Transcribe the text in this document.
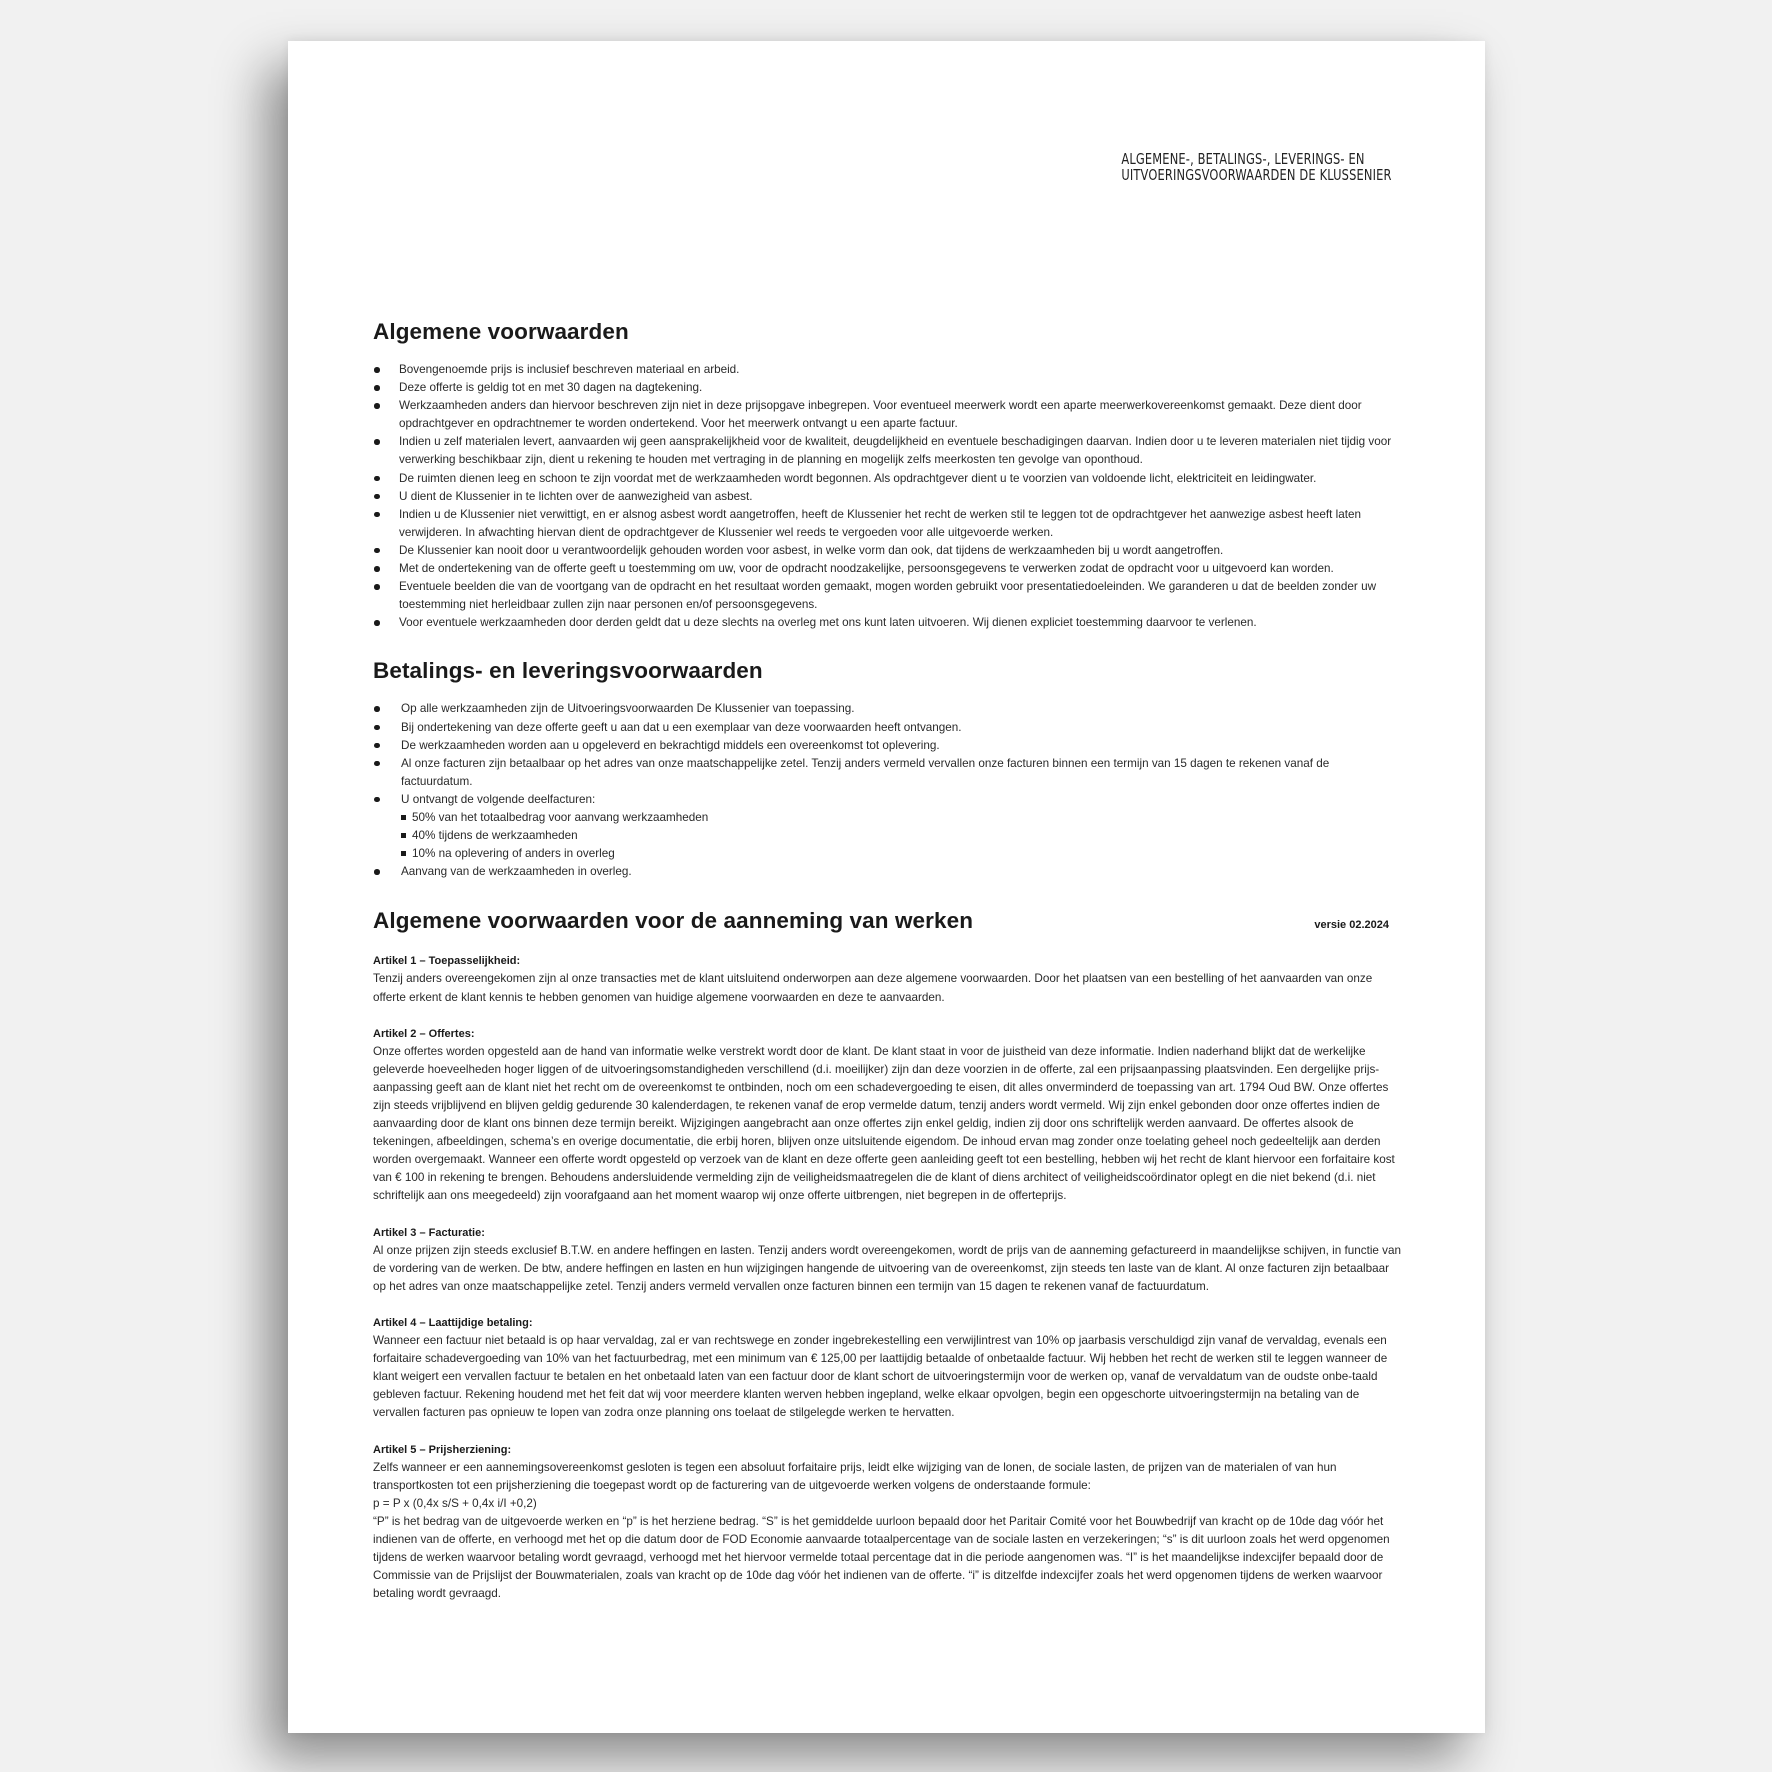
ALGEMENE-, BETALINGS-, LEVERINGS- EN
UITVOERINGSVOORWAARDEN DE KLUSSENIER
Algemene voorwaarden
Bovengenoemde prijs is inclusief beschreven materiaal en arbeid.
Deze offerte is geldig tot en met 30 dagen na dagtekening.
Werkzaamheden anders dan hiervoor beschreven zijn niet in deze prijsopgave inbegrepen. Voor eventueel meerwerk wordt een aparte meerwerkovereenkomst gemaakt. Deze dient door opdrachtgever en opdrachtnemer te worden ondertekend. Voor het meerwerk ontvangt u een aparte factuur.
Indien u zelf materialen levert, aanvaarden wij geen aansprakelijkheid voor de kwaliteit, deugdelijkheid en eventuele beschadigingen daarvan. Indien door u te leveren materialen niet tijdig voor verwerking beschikbaar zijn, dient u rekening te houden met vertraging in de planning en mogelijk zelfs meerkosten ten gevolge van oponthoud.
De ruimten dienen leeg en schoon te zijn voordat met de werkzaamheden wordt begonnen. Als opdrachtgever dient u te voorzien van voldoende licht, elektriciteit en leidingwater.
U dient de Klussenier in te lichten over de aanwezigheid van asbest.
Indien u de Klussenier niet verwittigt, en er alsnog asbest wordt aangetroffen, heeft de Klussenier het recht de werken stil te leggen tot de opdrachtgever het aanwezige asbest heeft laten verwijderen. In afwachting hiervan dient de opdrachtgever de Klussenier wel reeds te vergoeden voor alle uitgevoerde werken.
De Klussenier kan nooit door u verantwoordelijk gehouden worden voor asbest, in welke vorm dan ook, dat tijdens de werkzaamheden bij u wordt aangetroffen.
Met de ondertekening van de offerte geeft u toestemming om uw, voor de opdracht noodzakelijke, persoonsgegevens te verwerken zodat de opdracht voor u uitgevoerd kan worden.
Eventuele beelden die van de voortgang van de opdracht en het resultaat worden gemaakt, mogen worden gebruikt voor presentatiedoeleinden. We garanderen u dat de beelden zonder uw toestemming niet herleidbaar zullen zijn naar personen en/of persoonsgegevens.
Voor eventuele werkzaamheden door derden geldt dat u deze slechts na overleg met ons kunt laten uitvoeren. Wij dienen expliciet toestemming daarvoor te verlenen.
Betalings- en leveringsvoorwaarden
Op alle werkzaamheden zijn de Uitvoeringsvoorwaarden De Klussenier van toepassing.
Bij ondertekening van deze offerte geeft u aan dat u een exemplaar van deze voorwaarden heeft ontvangen.
De werkzaamheden worden aan u opgeleverd en bekrachtigd middels een overeenkomst tot oplevering.
Al onze facturen zijn betaalbaar op het adres van onze maatschappelijke zetel. Tenzij anders vermeld vervallen onze facturen binnen een termijn van 15 dagen te rekenen vanaf de factuurdatum.
U ontvangt de volgende deelfacturen:
50% van het totaalbedrag voor aanvang werkzaamheden
40% tijdens de werkzaamheden
10% na oplevering of anders in overleg
Aanvang van de werkzaamheden in overleg.
Algemene voorwaarden voor de aanneming van werken	versie 02.2024
Artikel 1 – Toepasselijkheid:

Tenzij anders overeengekomen zijn al onze transacties met de klant uitsluitend onderworpen aan deze algemene voorwaarden. Door het plaatsen van een bestelling of het aanvaarden van onze offerte erkent de klant kennis te hebben genomen van huidige algemene voorwaarden en deze te aanvaarden.

Artikel 2 – Offertes:

Onze offertes worden opgesteld aan de hand van informatie welke verstrekt wordt door de klant. De klant staat in voor de juistheid van deze informatie. Indien naderhand blijkt dat de werkelijke geleverde hoeveelheden hoger liggen of de uitvoeringsomstandigheden verschillend (d.i. moeilijker) zijn dan deze voorzien in de offerte, zal een prijsaanpassing plaatsvinden. Een dergelijke prijs-aanpassing geeft aan de klant niet het recht om de overeenkomst te ontbinden, noch om een schadevergoeding te eisen, dit alles onverminderd de toepassing van art. 1794 Oud BW. Onze offertes zijn steeds vrijblijvend en blijven geldig gedurende 30 kalenderdagen, te rekenen vanaf de erop vermelde datum, tenzij anders wordt vermeld. Wij zijn enkel gebonden door onze offertes indien de aanvaarding door de klant ons binnen deze termijn bereikt. Wijzigingen aangebracht aan onze offertes zijn enkel geldig, indien zij door ons schriftelijk werden aanvaard. De offertes alsook de tekeningen, afbeeldingen, schema’s en overige documentatie, die erbij horen, blijven onze uitsluitende eigendom. De inhoud ervan mag zonder onze toelating geheel noch gedeeltelijk aan derden worden overgemaakt. Wanneer een offerte wordt opgesteld op verzoek van de klant en deze offerte geen aanleiding geeft tot een bestelling, hebben wij het recht de klant hiervoor een forfaitaire kost van € 100 in rekening te brengen. Behoudens andersluidende vermelding zijn de veiligheidsmaatregelen die de klant of diens architect of veiligheidscoördinator oplegt en die niet bekend (d.i. niet schriftelijk aan ons meegedeeld) zijn voorafgaand aan het moment waarop wij onze offerte uitbrengen, niet begrepen in de offerteprijs.

Artikel 3 – Facturatie:

Al onze prijzen zijn steeds exclusief B.T.W. en andere heffingen en lasten. Tenzij anders wordt overeengekomen, wordt de prijs van de aanneming gefactureerd in maandelijkse schijven, in functie van de vordering van de werken. De btw, andere heffingen en lasten en hun wijzigingen hangende de uitvoering van de overeenkomst, zijn steeds ten laste van de klant. Al onze facturen zijn betaalbaar op het adres van onze maatschappelijke zetel. Tenzij anders vermeld vervallen onze facturen binnen een termijn van 15 dagen te rekenen vanaf de factuurdatum.

Artikel 4 – Laattijdige betaling:

Wanneer een factuur niet betaald is op haar vervaldag, zal er van rechtswege en zonder ingebrekestelling een verwijlintrest van 10% op jaarbasis verschuldigd zijn vanaf de vervaldag, evenals een forfaitaire schadevergoeding van 10% van het factuurbedrag, met een minimum van € 125,00 per laattijdig betaalde of onbetaalde factuur. Wij hebben het recht de werken stil te leggen wanneer de klant weigert een vervallen factuur te betalen en het onbetaald laten van een factuur door de klant schort de uitvoeringstermijn voor de werken op, vanaf de vervaldatum van de oudste onbe-taald gebleven factuur. Rekening houdend met het feit dat wij voor meerdere klanten werven hebben ingepland, welke elkaar opvolgen, begin een opgeschorte uitvoeringstermijn na betaling van de vervallen facturen pas opnieuw te lopen van zodra onze planning ons toelaat de stilgelegde werken te hervatten.

Artikel 5 – Prijsherziening:

Zelfs wanneer er een aannemingsovereenkomst gesloten is tegen een absoluut forfaitaire prijs, leidt elke wijziging van de lonen, de sociale lasten, de prijzen van de materialen of van hun transportkosten tot een prijsherziening die toegepast wordt op de facturering van de uitgevoerde werken volgens de onderstaande formule:

p = P x (0,4x s/S + 0,4x i/I +0,2)

“P” is het bedrag van de uitgevoerde werken en “p” is het herziene bedrag. “S” is het gemiddelde uurloon bepaald door het Paritair Comité voor het Bouwbedrijf van kracht op de 10de dag vóór het indienen van de offerte, en verhoogd met het op die datum door de FOD Economie aanvaarde totaalpercentage van de sociale lasten en verzekeringen; “s” is dit uurloon zoals het werd opgenomen tijdens de werken waarvoor betaling wordt gevraagd, verhoogd met het hiervoor vermelde totaal percentage dat in die periode aangenomen was. “I” is het maandelijkse indexcijfer bepaald door de Commissie van de Prijslijst der Bouwmaterialen, zoals van kracht op de 10de dag vóór het indienen van de offerte. “i” is ditzelfde indexcijfer zoals het werd opgenomen tijdens de werken waarvoor betaling wordt gevraagd.
